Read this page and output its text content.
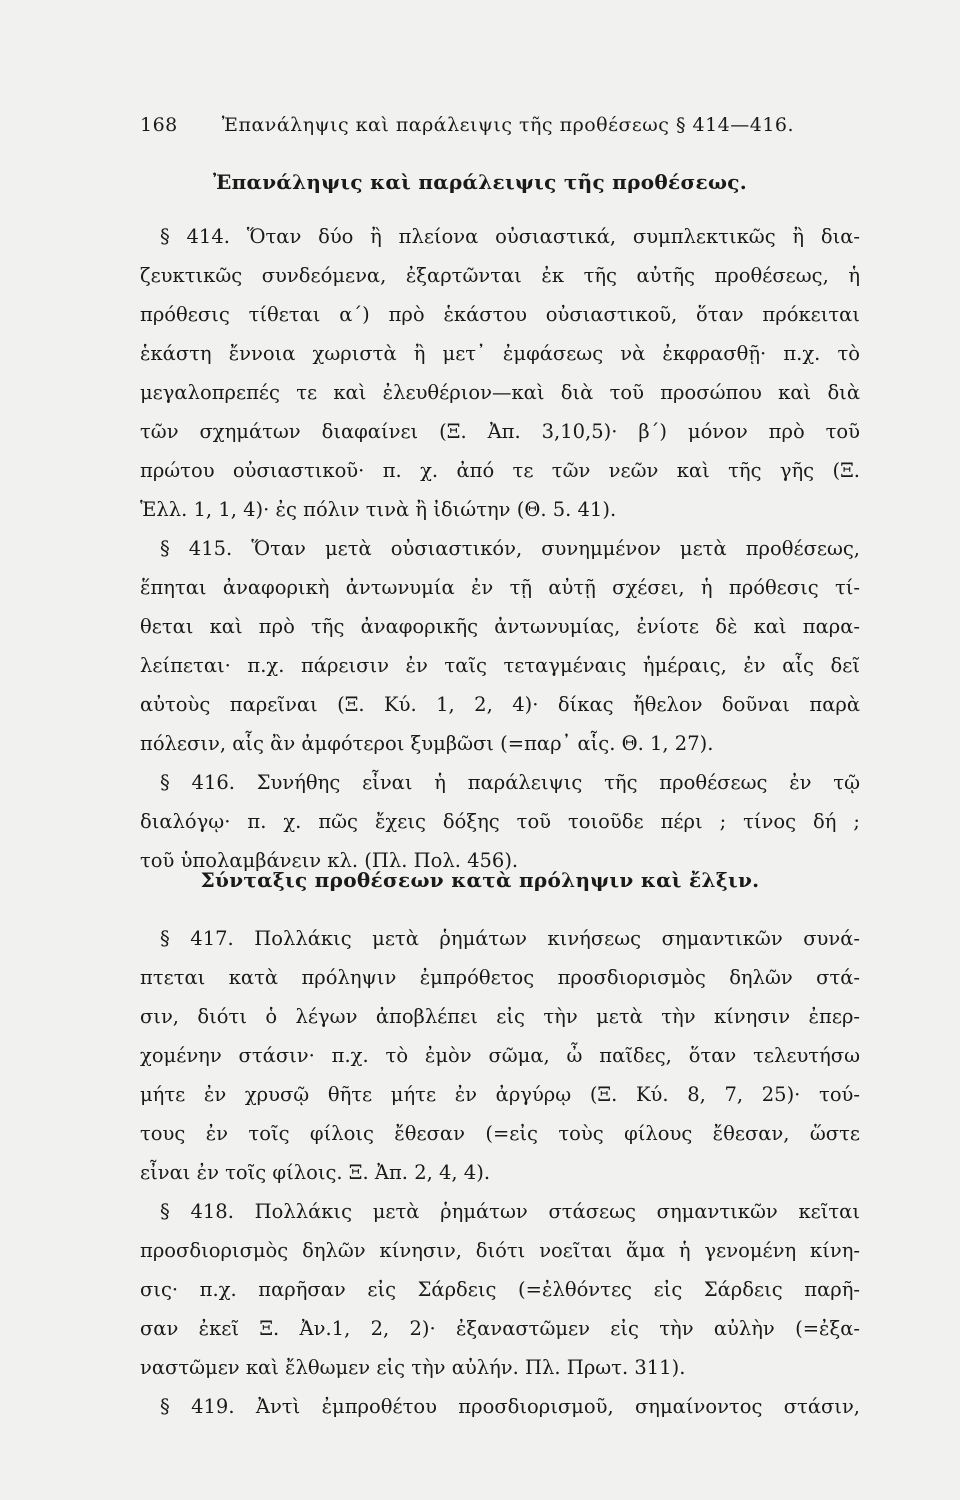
168 Ἐπανάληψις καὶ παράλειψις τῆς προθέσεως § 414—416.
Ἐπανάληψις καὶ παράλειψις τῆς προθέσεως.
§ 414. Ὅταν δύο ἢ πλείονα οὐσιαστικά, συμπλεκτικῶς ἢ δια-
ζευκτικῶς συνδεόμενα, ἐξαρτῶνται ἐκ τῆς αὐτῆς προθέσεως, ἡ
πρόθεσις τίθεται α΄) πρὸ ἑκάστου οὐσιαστικοῦ, ὅταν πρόκειται
ἑκάστη ἔννοια χωριστὰ ἢ μετ᾽ ἐμφάσεως νὰ ἐκφρασθῇ· π.χ. τὸ
μεγαλοπρεπές τε καὶ ἐλευθέριον—καὶ διὰ τοῦ προσώπου καὶ διὰ
τῶν σχημάτων διαφαίνει (Ξ. Ἀπ. 3,10,5)· β΄) μόνον πρὸ τοῦ
πρώτου οὐσιαστικοῦ· π. χ. ἀπό τε τῶν νεῶν καὶ τῆς γῆς (Ξ.
Ἑλλ. 1, 1, 4)· ἐς πόλιν τινὰ ἢ ἰδιώτην (Θ. 5. 41).
§ 415. Ὅταν μετὰ οὐσιαστικόν, συνημμένον μετὰ προθέσεως,
ἕπηται ἀναφορικὴ ἀντωνυμία ἐν τῇ αὐτῇ σχέσει, ἡ πρόθεσις τί-
θεται καὶ πρὸ τῆς ἀναφορικῆς ἀντωνυμίας, ἐνίοτε δὲ καὶ παρα-
λείπεται· π.χ. πάρεισιν ἐν ταῖς τεταγμέναις ἡμέραις, ἐν αἷς δεῖ
αὐτοὺς παρεῖναι (Ξ. Κύ. 1, 2, 4)· δίκας ἤθελον δοῦναι παρὰ
πόλεσιν, αἷς ἂν ἀμφότεροι ξυμβῶσι (=παρ᾽ αἷς. Θ. 1, 27).
§ 416. Συνήθης εἶναι ἡ παράλειψις τῆς προθέσεως ἐν τῷ
διαλόγῳ· π. χ. πῶς ἔχεις δόξης τοῦ τοιοῦδε πέρι ; τίνος δή ;
τοῦ ὑπολαμβάνειν κλ. (Πλ. Πολ. 456).
Σύνταξις προθέσεων κατὰ πρόληψιν καὶ ἔλξιν.
§ 417. Πολλάκις μετὰ ῥημάτων κινήσεως σημαντικῶν συνά-
πτεται κατὰ πρόληψιν ἐμπρόθετος προσδιορισμὸς δηλῶν στά-
σιν, διότι ὁ λέγων ἀποβλέπει εἰς τὴν μετὰ τὴν κίνησιν ἐπερ-
χομένην στάσιν· π.χ. τὸ ἐμὸν σῶμα, ὦ παῖδες, ὅταν τελευτήσω
μήτε ἐν χρυσῷ θῆτε μήτε ἐν ἀργύρῳ (Ξ. Κύ. 8, 7, 25)· τού-
τους ἐν τοῖς φίλοις ἔθεσαν (=εἰς τοὺς φίλους ἔθεσαν, ὥστε
εἶναι ἐν τοῖς φίλοις. Ξ. Ἀπ. 2, 4, 4).
§ 418. Πολλάκις μετὰ ῥημάτων στάσεως σημαντικῶν κεῖται
προσδιορισμὸς δηλῶν κίνησιν, διότι νοεῖται ἅμα ἡ γενομένη κίνη-
σις· π.χ. παρῆσαν εἰς Σάρδεις (=ἐλθόντες εἰς Σάρδεις παρῆ-
σαν ἐκεῖ Ξ. Ἀν.1, 2, 2)· ἐξαναστῶμεν εἰς τὴν αὐλὴν (=ἐξα-
ναστῶμεν καὶ ἔλθωμεν εἰς τὴν αὐλήν. Πλ. Πρωτ. 311).
§ 419. Ἀντὶ ἐμπροθέτου προσδιορισμοῦ, σημαίνοντος στάσιν,
